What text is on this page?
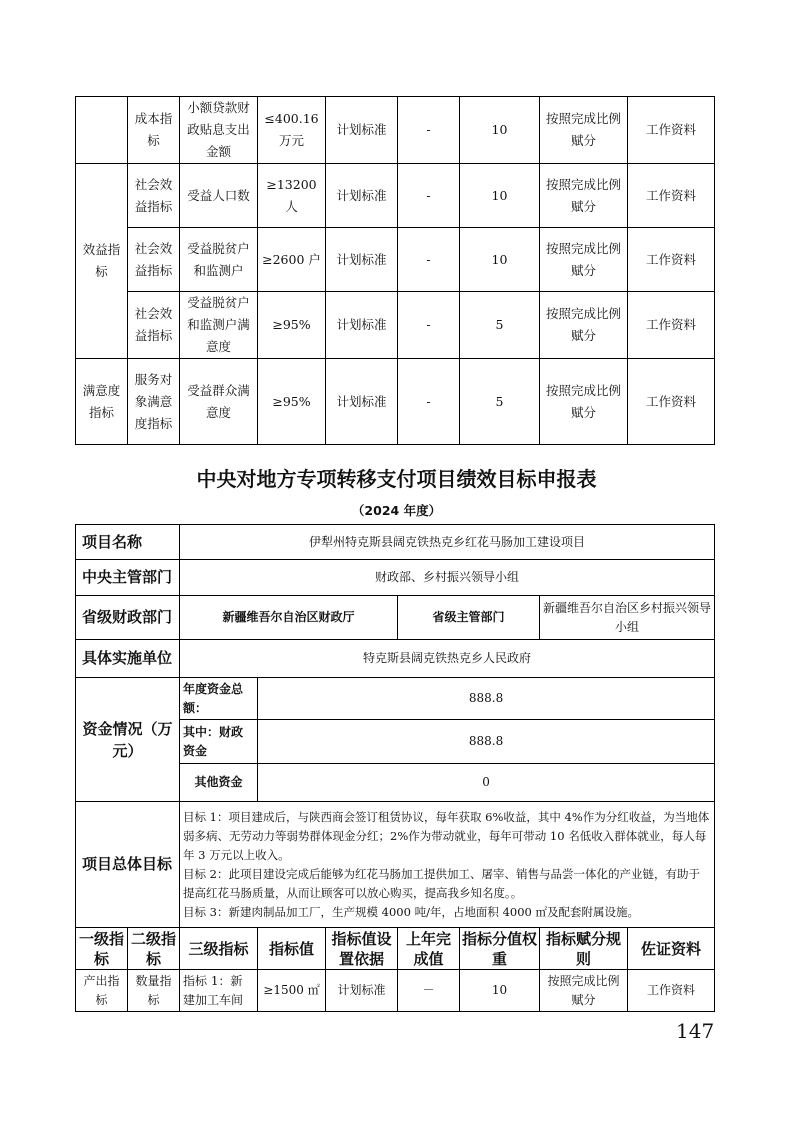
	成本指标	小额贷款财政贴息支出金额	≤400.16 万元	计划标准	-	10	按照完成比例赋分	工作资料
效益指标	社会效益指标	受益人口数	≥13200 人	计划标准	-	10	按照完成比例赋分	工作资料
	社会效益指标	受益脱贫户和监测户	≥2600 户	计划标准	-	10	按照完成比例赋分	工作资料
	社会效益指标	受益脱贫户和监测户满意度	≥95%	计划标准	-	5	按照完成比例赋分	工作资料
满意度指标	服务对象满意度指标	受益群众满意度	≥95%	计划标准	-	5	按照完成比例赋分	工作资料
中央对地方专项转移支付项目绩效目标申报表
（2024 年度）
项目名称		伊犁州特克斯县阔克铁热克乡红花马肠加工建设项目						
中央主管部门		财政部、乡村振兴领导小组						
省级财政部门		新疆维吾尔自治区财政厅			省级主管部门		新疆维吾尔自治区乡村振兴领导小组	
具体实施单位		特克斯县阔克铁热克乡人民政府						
资金情况（万元）		年度资金总额：	888.8					
		其中：财政资金	888.8					
		其他资金	0					
项目总体目标		目标 1：项目建成后，与陕西商会签订租赁协议，每年获取 6%收益，其中 4%作为分红收益，为当地体弱多病、无劳动力等弱势群体现金分红；2%作为带动就业，每年可带动 10 名低收入群体就业，每人每年 3 万元以上收入。
目标 2：此项目建设完成后能够为红花马肠加工提供加工、屠宰、销售与品尝一体化的产业链，有助于提高红花马肠质量，从而让顾客可以放心购买，提高我乡知名度。。
目标 3：新建肉制品加工厂，生产规模 4000 吨/年，占地面积 4000 ㎡及配套附属设施。						

一级指标	二级指标	三级指标	指标值	指标值设置依据	上年完成值	指标分值权重	指标赋分规则	佐证资料
产出指标	数量指标	指标 1：新建加工车间	≥1500 ㎡	计划标准	－	10	按照完成比例赋分	工作资料
147
